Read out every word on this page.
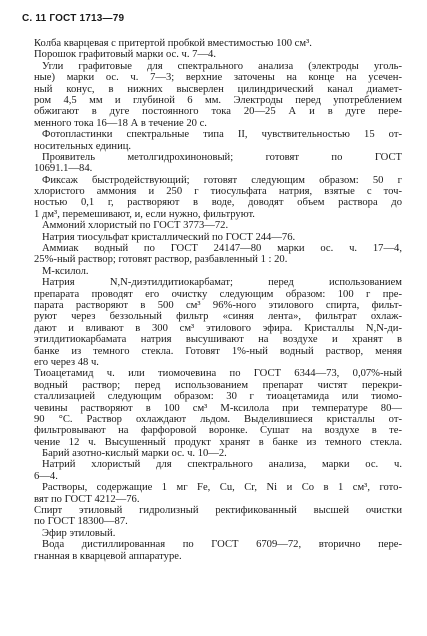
С. 11 ГОСТ 1713—79
Колба кварцевая с притертой пробкой вместимостью 100 см³.
Порошок графитовый марки ос. ч. 7—4.
Угли графитовые для спектрального анализа (электроды уголь-
ные) марки ос. ч. 7—3; верхние заточены на конце на усечен-
ный конус, в нижних высверлен цилиндрический канал диамет-
ром 4,5 мм и глубиной 6 мм. Электроды перед употреблением
обжигают в дуге постоянного тока 20—25 А и в дуге пере-
менного тока 16—18 А в течение 20 с.
Фотопластинки спектральные типа II, чувствительностью 15 от-
носительных единиц.
Проявитель метолгидрохиноновый; готовят по ГОСТ
10691.1—84.
Фиксаж быстродействующий; готовят следующим образом: 50 г
хлористого аммония и 250 г тиосульфата натрия, взятые с точ-
ностью 0,1 г, растворяют в воде, доводят объем раствора до
1 дм³, перемешивают, и, если нужно, фильтруют.
Аммоний хлористый по ГОСТ 3773—72.
Натрия тиосульфат кристаллический по ГОСТ 244—76.
Аммиак водный по ГОСТ 24147—80 марки ос. ч. 17—4,
25%-ный раствор; готовят раствор, разбавленный 1 : 20.
М-ксилол.
Натрия N,N-диэтилдитиокарбамат; перед использованием
препарата проводят его очистку следующим образом: 100 г пре-
парата растворяют в 500 см³ 96%-ного этилового спирта, фильт-
руют через беззольный фильтр «синяя лента», фильтрат охлаж-
дают и вливают в 300 см³ этилового эфира. Кристаллы N,N-ди-
этилдитиокарбамата натрия высушивают на воздухе и хранят в
банке из темного стекла. Готовят 1%-ный водный раствор, меняя
его через 48 ч.
Тиоацетамид ч. или тиомочевина по ГОСТ 6344—73, 0,07%-ный
водный раствор; перед использованием препарат чистят перекри-
сталлизацией следующим образом: 30 г тиоацетамида или тиомо-
чевины растворяют в 100 см³ М-ксилола при температуре 80—
90 °С. Раствор охлаждают льдом. Выделившиеся кристаллы от-
фильтровывают на фарфоровой воронке. Сушат на воздухе в те-
чение 12 ч. Высушенный продукт хранят в банке из темного стекла.
Барий азотно-кислый марки ос. ч. 10—2.
Натрий хлористый для спектрального анализа, марки ос. ч.
6—4.
Растворы, содержащие 1 мг Fe, Cu, Cr, Ni и Co в 1 см³, гото-
вят по ГОСТ 4212—76.
Спирт этиловый гидролизный ректификованный высшей очистки
по ГОСТ 18300—87.
Эфир этиловый.
Вода дистиллированная по ГОСТ 6709—72, вторично пере-
гнанная в кварцевой аппаратуре.
